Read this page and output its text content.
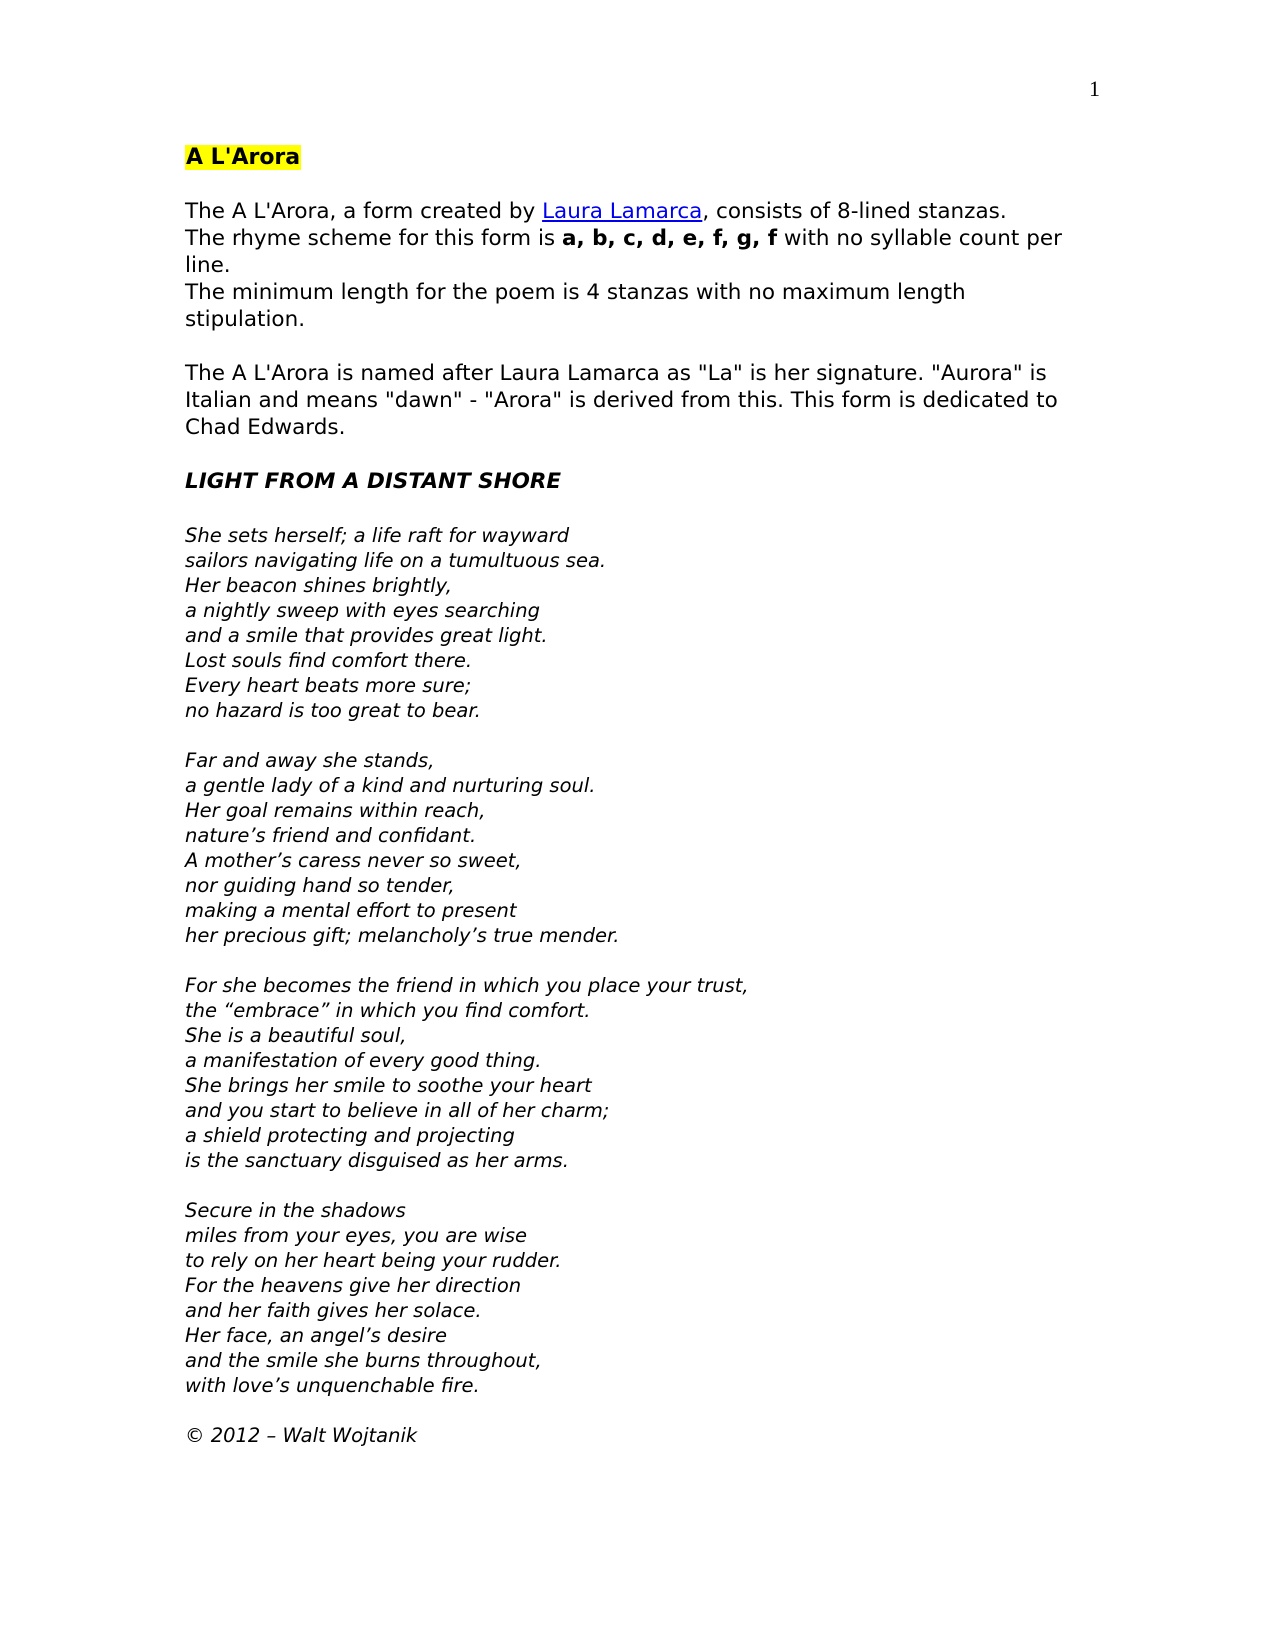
1
A L'Arora

The A L'Arora, a form created by Laura Lamarca, consists of 8-lined stanzas.

The rhyme scheme for this form is a, b, c, d, e, f, g, f with no syllable count per line.

The minimum length for the poem is 4 stanzas with no maximum length stipulation.

The A L'Arora is named after Laura Lamarca as "La" is her signature. "Aurora" is Italian and means "dawn" - "Arora" is derived from this. This form is dedicated to Chad Edwards.
LIGHT FROM A DISTANT SHORE
She sets herself; a life raft for wayward
sailors navigating life on a tumultuous sea.
Her beacon shines brightly,
a nightly sweep with eyes searching
and a smile that provides great light.
Lost souls find comfort there.
Every heart beats more sure;
no hazard is too great to bear.
Far and away she stands,
a gentle lady of a kind and nurturing soul.
Her goal remains within reach,
nature’s friend and confidant.
A mother’s caress never so sweet,
nor guiding hand so tender,
making a mental effort to present
her precious gift; melancholy’s true mender.
For she becomes the friend in which you place your trust,
the “embrace” in which you find comfort.
She is a beautiful soul,
a manifestation of every good thing.
She brings her smile to soothe your heart
and you start to believe in all of her charm;
a shield protecting and projecting
is the sanctuary disguised as her arms.
Secure in the shadows
miles from your eyes, you are wise
to rely on her heart being your rudder.
For the heavens give her direction
and her faith gives her solace.
Her face, an angel’s desire
and the smile she burns throughout,
with love’s unquenchable fire.
© 2012 – Walt Wojtanik
